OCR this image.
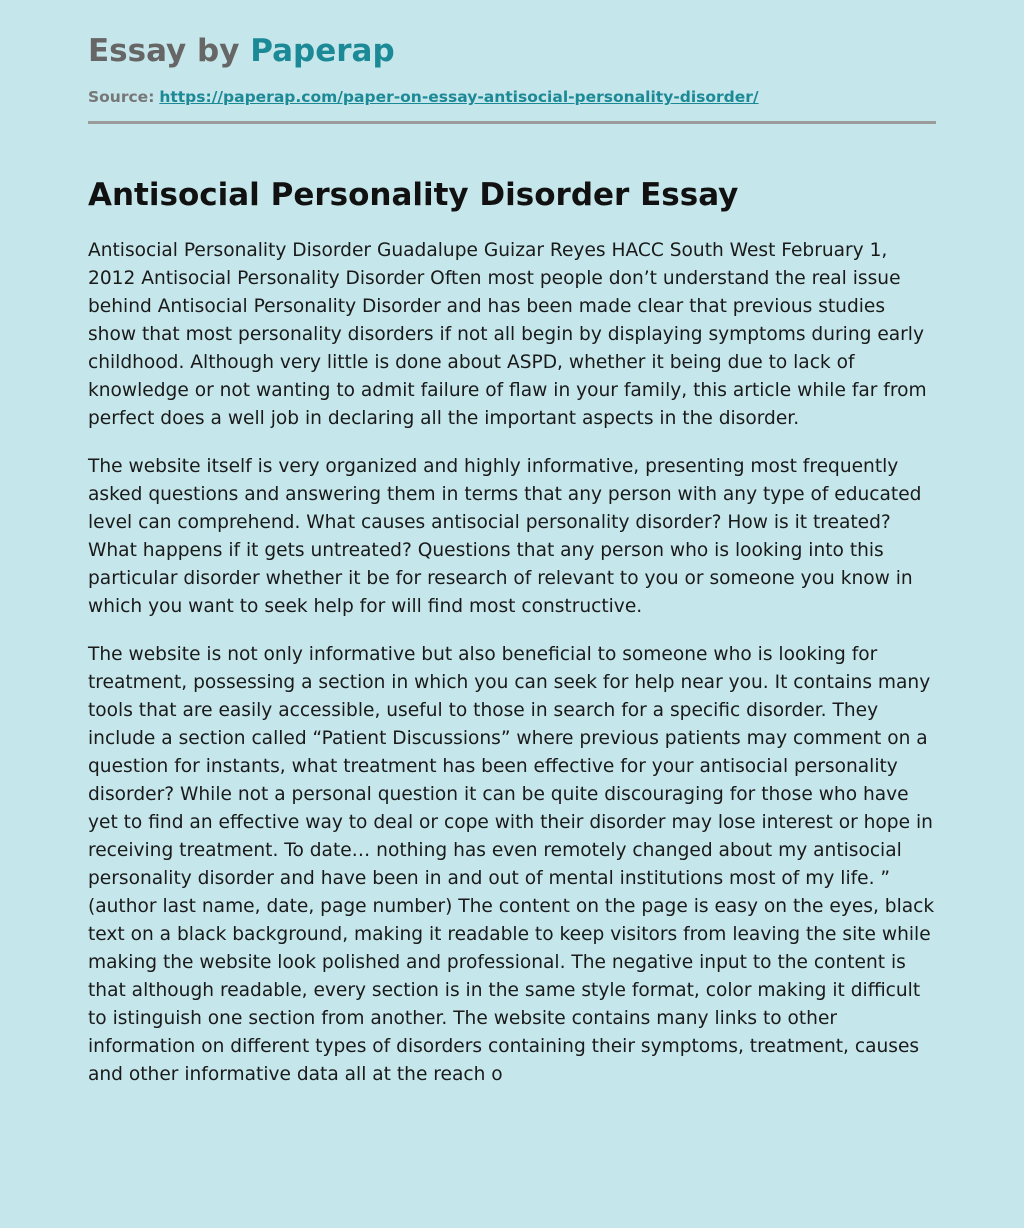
Essay by Paperap
Source: https://paperap.com/paper-on-essay-antisocial-personality-disorder/
Antisocial Personality Disorder Essay

Antisocial Personality Disorder Guadalupe Guizar Reyes HACC South West February 1, 2012 Antisocial Personality Disorder Often most people don’t understand the real issue behind Antisocial Personality Disorder and has been made clear that previous studies show that most personality disorders if not all begin by displaying symptoms during early childhood. Although very little is done about ASPD, whether it being due to lack of knowledge or not wanting to admit failure of flaw in your family, this article while far from perfect does a well job in declaring all the important aspects in the disorder.

The website itself is very organized and highly informative, presenting most frequently asked questions and answering them in terms that any person with any type of educated level can comprehend. What causes antisocial personality disorder? How is it treated? What happens if it gets untreated? Questions that any person who is looking into this particular disorder whether it be for research of relevant to you or someone you know in which you want to seek help for will find most constructive.

The website is not only informative but also beneficial to someone who is looking for treatment, possessing a section in which you can seek for help near you. It contains many tools that are easily accessible, useful to those in search for a specific disorder. They include a section called “Patient Discussions” where previous patients may comment on a question for instants, what treatment has been effective for your antisocial personality disorder? While not a personal question it can be quite discouraging for those who have yet to find an effective way to deal or cope with their disorder may lose interest or hope in receiving treatment. To date… nothing has even remotely changed about my antisocial personality disorder and have been in and out of mental institutions most of my life. ” (author last name, date, page number) The content on the page is easy on the eyes, black text on a black background, making it readable to keep visitors from leaving the site while making the website look polished and professional. The negative input to the content is that although readable, every section is in the same style format, color making it difficult to istinguish one section from another. The website contains many links to other information on different types of disorders containing their symptoms, treatment, causes and other informative data all at the reach o
